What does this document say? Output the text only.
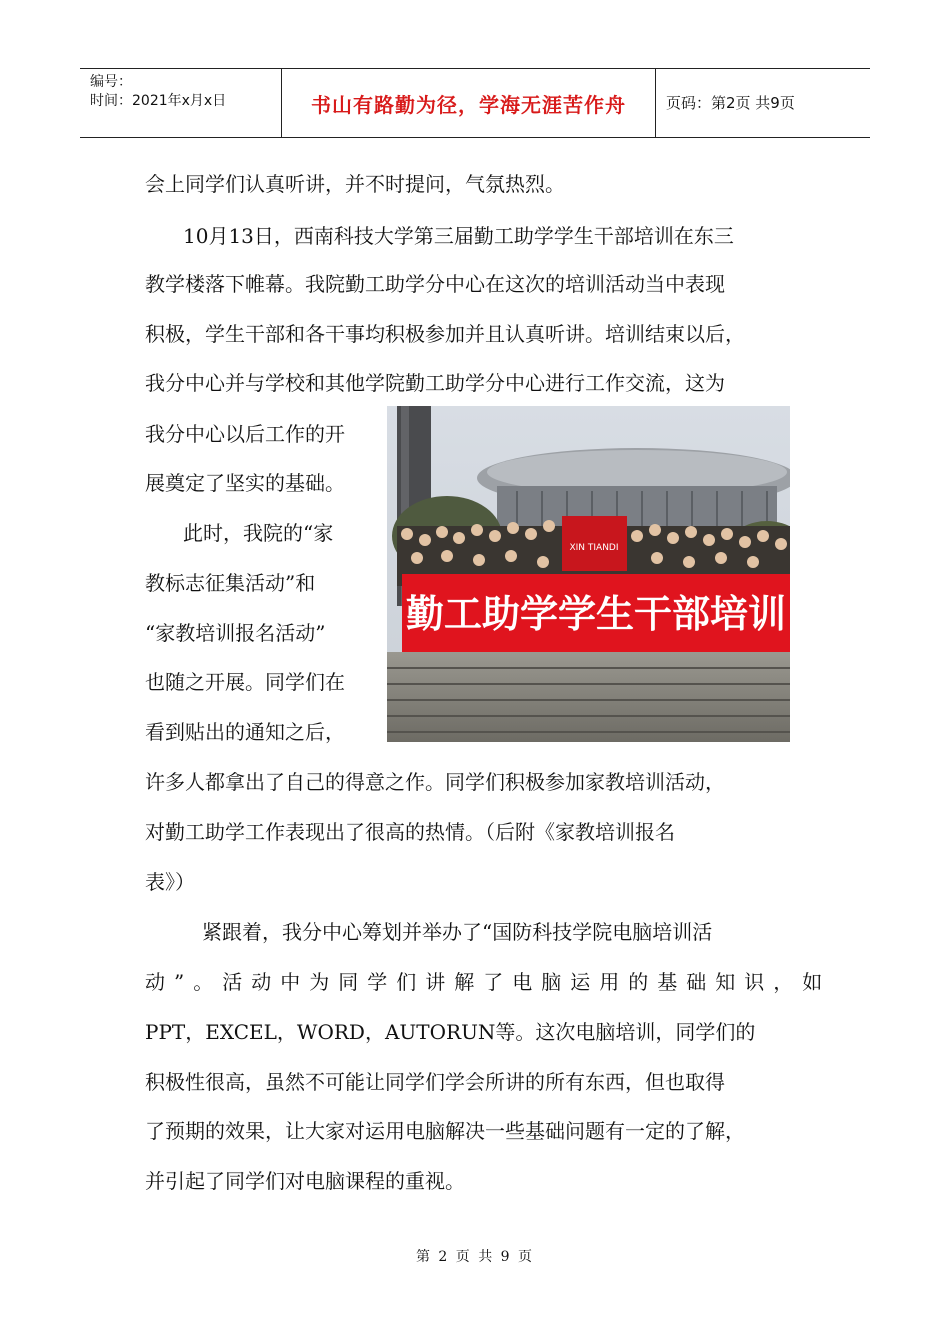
编号：
时间：2021年x月x日	书山有路勤为径，学海无涯苦作舟	页码：第2页 共9页
会上同学们认真听讲，并不时提问，气氛热烈。
10月13日，西南科技大学第三届勤工助学学生干部培训在东三
教学楼落下帷幕。我院勤工助学分中心在这次的培训活动当中表现
积极，学生干部和各干事均积极参加并且认真听讲。培训结束以后，
我分中心并与学校和其他学院勤工助学分中心进行工作交流，这为
我分中心以后工作的开
展奠定了坚实的基础。
此时，我院的“家
教标志征集活动”和
“家教培训报名活动”
也随之开展。同学们在
看到贴出的通知之后，
许多人都拿出了自己的得意之作。同学们积极参加家教培训活动，
对勤工助学工作表现出了很高的热情。（后附《家教培训报名
表》）
紧跟着，我分中心筹划并举办了“国防科技学院电脑培训活
动”。活动中为同学们讲解了电脑运用的基础知识，如
PPT，EXCEL，WORD，AUTORUN等。这次电脑培训，同学们的
积极性很高，虽然不可能让同学们学会所讲的所有东西，但也取得
了预期的效果，让大家对运用电脑解决一些基础问题有一定的了解，
并引起了同学们对电脑课程的重视。
XIN TIANDI
勤工助学学生干部培训
第 2 页 共 9 页
